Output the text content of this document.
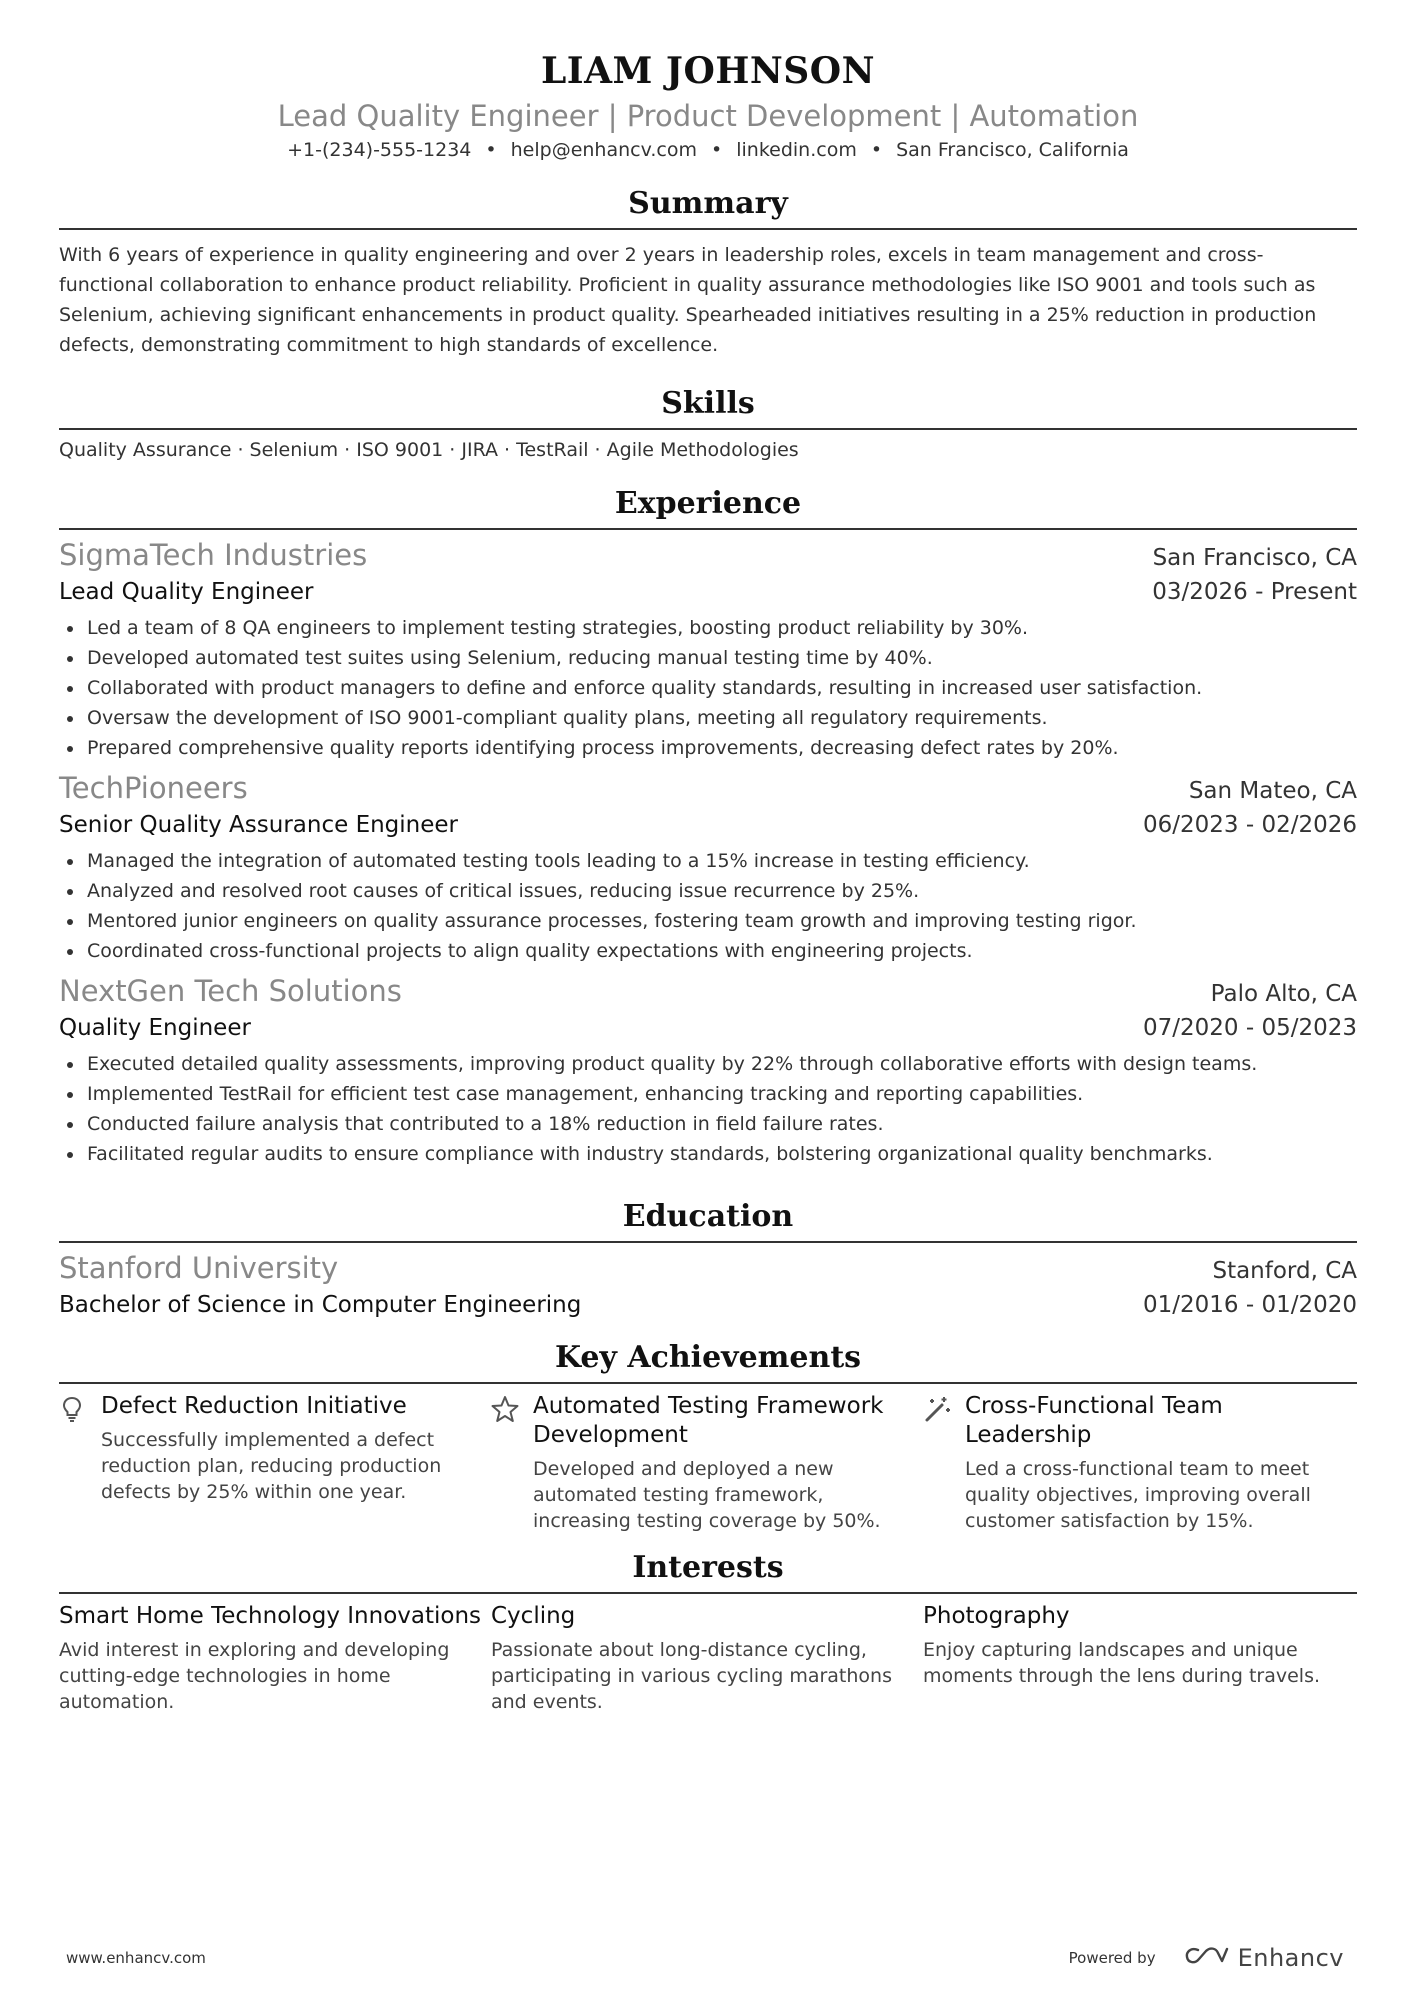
LIAM JOHNSON
Lead Quality Engineer | Product Development | Automation
+1-(234)-555-1234 • help@enhancv.com • linkedin.com • San Francisco, California
Summary
With 6 years of experience in quality engineering and over 2 years in leadership roles, excels in team management and cross-functional collaboration to enhance product reliability. Proficient in quality assurance methodologies like ISO 9001 and tools such as Selenium, achieving significant enhancements in product quality. Spearheaded initiatives resulting in a 25% reduction in production defects, demonstrating commitment to high standards of excellence.
Skills
Quality Assurance · Selenium · ISO 9001 · JIRA · TestRail · Agile Methodologies
Experience
SigmaTech Industries	San Francisco, CA
Lead Quality Engineer	03/2026 - Present
Led a team of 8 QA engineers to implement testing strategies, boosting product reliability by 30%.
Developed automated test suites using Selenium, reducing manual testing time by 40%.
Collaborated with product managers to define and enforce quality standards, resulting in increased user satisfaction.
Oversaw the development of ISO 9001-compliant quality plans, meeting all regulatory requirements.
Prepared comprehensive quality reports identifying process improvements, decreasing defect rates by 20%.
TechPioneers	San Mateo, CA
Senior Quality Assurance Engineer	06/2023 - 02/2026
Managed the integration of automated testing tools leading to a 15% increase in testing efficiency.
Analyzed and resolved root causes of critical issues, reducing issue recurrence by 25%.
Mentored junior engineers on quality assurance processes, fostering team growth and improving testing rigor.
Coordinated cross-functional projects to align quality expectations with engineering projects.
NextGen Tech Solutions	Palo Alto, CA
Quality Engineer	07/2020 - 05/2023
Executed detailed quality assessments, improving product quality by 22% through collaborative efforts with design teams.
Implemented TestRail for efficient test case management, enhancing tracking and reporting capabilities.
Conducted failure analysis that contributed to a 18% reduction in field failure rates.
Facilitated regular audits to ensure compliance with industry standards, bolstering organizational quality benchmarks.
Education
Stanford University	Stanford, CA
Bachelor of Science in Computer Engineering	01/2016 - 01/2020
Key Achievements
Defect Reduction Initiative
Successfully implemented a defect reduction plan, reducing production defects by 25% within one year.
Automated Testing Framework Development
Developed and deployed a new automated testing framework, increasing testing coverage by 50%.
Cross-Functional Team Leadership
Led a cross-functional team to meet quality objectives, improving overall customer satisfaction by 15%.
Interests
Smart Home Technology Innovations
Avid interest in exploring and developing cutting-edge technologies in home automation.
Cycling
Passionate about long-distance cycling, participating in various cycling marathons and events.
Photography
Enjoy capturing landscapes and unique moments through the lens during travels.
www.enhancv.com	Powered by	Enhancv
